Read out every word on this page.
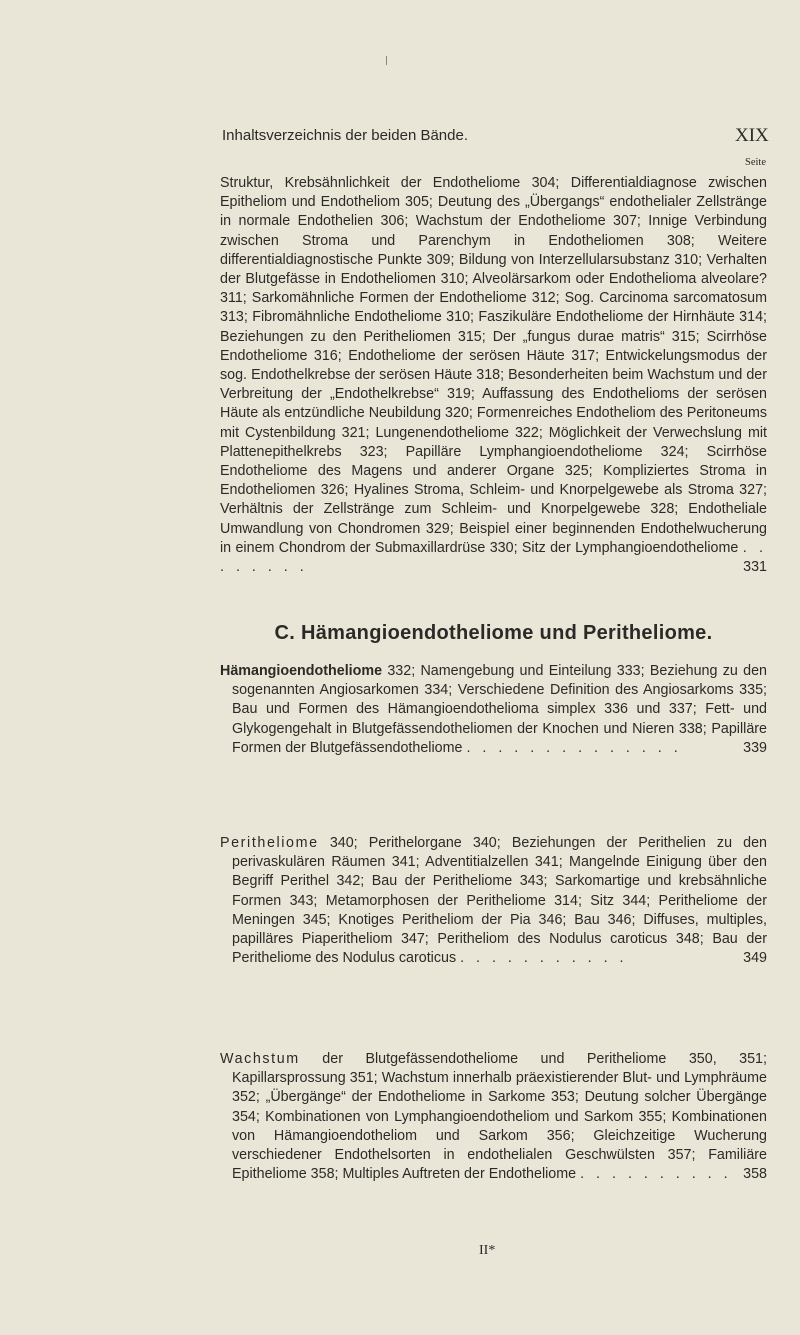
Inhaltsverzeichnis der beiden Bände.	XIX
Seite

Struktur, Krebsähnlichkeit der Endotheliome 304; Differentialdiagnose zwischen Epitheliom und Endotheliom 305; Deutung des „Übergangs“ endothelialer Zellstränge in normale Endothelien 306; Wachstum der Endotheliome 307; Innige Verbindung zwischen Stroma und Parenchym in Endotheliomen 308; Weitere differentialdiagnostische Punkte 309; Bildung von Interzellularsubstanz 310; Verhalten der Blutgefässe in Endotheliomen 310; Alveolärsarkom oder Endothelioma alveolare? 311; Sarkomähnliche Formen der Endotheliome 312; Sog. Carcinoma sarcomatosum 313; Fibromähnliche Endotheliome 310; Faszikuläre Endotheliome der Hirnhäute 314; Beziehungen zu den Peritheliomen 315; Der „fungus durae matris“ 315; Scirrhöse Endotheliome 316; Endotheliome der serösen Häute 317; Entwickelungsmodus der sog. Endothelkrebse der serösen Häute 318; Besonderheiten beim Wachstum und der Verbreitung der „Endothelkrebse“ 319; Auffassung des Endothelioms der serösen Häute als entzündliche Neubildung 320; Formenreiches Endotheliom des Peritoneums mit Cystenbildung 321; Lungenendotheliome 322; Möglichkeit der Verwechslung mit Plattenepithelkrebs 323; Papilläre Lymphangioendotheliome 324; Scirrhöse Endotheliome des Magens und anderer Organe 325; Kompliziertes Stroma in Endotheliomen 326; Hyalines Stroma, Schleim- und Knorpelgewebe als Stroma 327; Verhältnis der Zellstränge zum Schleim- und Knorpelgewebe 328; Endotheliale Umwandlung von Chondromen 329; Beispiel einer beginnenden Endothelwucherung in einem Chondrom der Submaxillardrüse 330; Sitz der Lymphangioendotheliome . . . . . . . .	331

C. Hämangioendotheliome und Peritheliome.

Hämangioendotheliome 332; Namengebung und Einteilung 333; Beziehung zu den sogenannten Angiosarkomen 334; Verschiedene Definition des Angiosarkoms 335; Bau und Formen des Hämangioendothelioma simplex 336 und 337; Fett- und Glykogengehalt in Blutgefässendotheliomen der Knochen und Nieren 338; Papilläre Formen der Blutgefässendotheliome . . . . . . . . . . . . . .	339

Peritheliome 340; Perithelorgane 340; Beziehungen der Perithelien zu den perivaskulären Räumen 341; Adventitialzellen 341; Mangelnde Einigung über den Begriff Perithel 342; Bau der Peritheliome 343; Sarkomartige und krebsähnliche Formen 343; Metamorphosen der Peritheliome 314; Sitz 344; Peritheliome der Meningen 345; Knotiges Peritheliom der Pia 346; Bau 346; Diffuses, multiples, papilläres Piaperitheliom 347; Peritheliom des Nodulus caroticus 348; Bau der Peritheliome des Nodulus caroticus . . . . . . . . . . .	349

Wachstum der Blutgefässendotheliome und Peritheliome 350, 351; Kapillarsprossung 351; Wachstum innerhalb präexistierender Blut- und Lymphräume 352; „Übergänge“ der Endotheliome in Sarkome 353; Deutung solcher Übergänge 354; Kombinationen von Lymphangioendotheliom und Sarkom 355; Kombinationen von Hämangioendotheliom und Sarkom 356; Gleichzeitige Wucherung verschiedener Endothelsorten in endothelialen Geschwülsten 357; Familiäre Epitheliome 358; Multiples Auftreten der Endotheliome . . . . . . . . . . 358

II*
